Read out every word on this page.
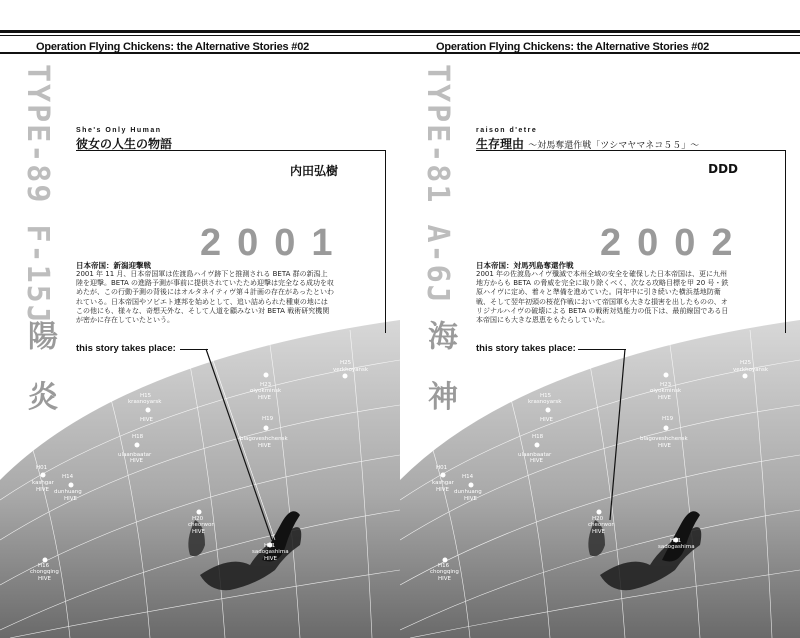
Operation Flying Chickens: the Alternative Stories #02
TYPE-89 F-15J
陽 炎
She's Only Human
彼女の人生の物語
内田弘樹
2001
日本帝国：新潟迎撃戦
2001 年 11 月、日本帝国軍は佐渡島ハイヴ跡下と推測される BETA 群の新潟上陸を迎撃。BETA の進路予測が事前に提供されていたため迎撃は完全なる成功を収めたが、この行動予測の背後にはオルタネイティヴ第４計画の存在があったといわれている。日本帝国やソビエト連邦を始めとして、追い詰められた種東の地にはこの他にも、様々な、奇想天外な、そして人道を顧みない対 BETA 戦術研究機関が密かに存在していたという。
this story takes place:
H25
verkhoyansk
H23
oiyokminsk
HIVE
H15
krasnoyarsk
HIVE
H18
ulaanbaatar
HIVE
H19
blagoveshchensk
HIVE
H01
kashgar
HIVE
H14
dunhuang
HIVE
H20
cheorwon
HIVE
H16
chongqing
HIVE
H21
sadogashima
HIVE
Operation Flying Chickens: the Alternative Stories #02
TYPE-81 A-6J
海 神
raison d'etre
生存理由 ～対馬奪還作戦「ツシマヤマネコ５５」～
DDD
2002
日本帝国：対馬列島奪還作戦
2001 年の佐渡島ハイヴ殲滅で本州全域の安全を確保した日本帝国は、更に九州地方からも BETA の脅威を完全に取り除くべく、次なる攻略目標を甲 20 号・鉄原ハイヴに定め、着々と準備を進めていた。同年中に引き続いた横浜基地防衛戦、そして翌年初頭の桜花作戦において帝国軍も大きな損害を出したものの、オリジナルハイヴの破壊による BETA の戦術対処能力の低下は、最前線国である日本帝国にも大きな恩恵をもたらしていた。
this story takes place:
H25
verkhoyansk
H23
oiyokminsk
HIVE
H15
krasnoyarsk
HIVE
H18
ulaanbaatar
HIVE
H19
blagoveshchensk
HIVE
H01
kashgar
HIVE
H14
dunhuang
HIVE
H20
cheorwon
HIVE
H16
chongqing
HIVE
H21
sadogashima
